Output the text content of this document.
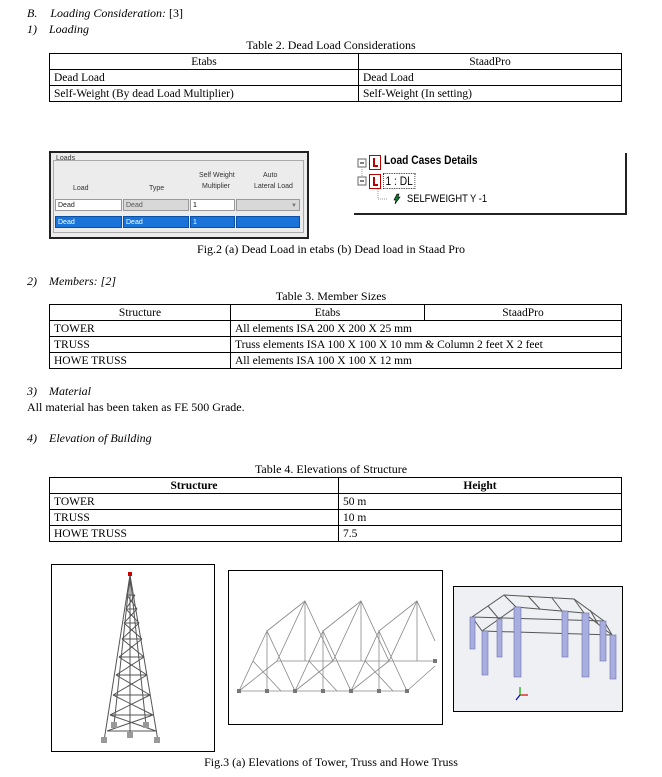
B. Loading Consideration: [3]
1) Loading
Table 2. Dead Load Considerations
Etabs	StaadPro
Dead Load	Dead Load
Self-Weight (By dead Load Multiplier)	Self-Weight (In setting)
Loads
Load	Type
Self Weight
Multiplier
Auto
Lateral Load
Dead	Dead	1	▼
Dead	Dead	1
Load Cases Details
1 : DL
SELFWEIGHT Y -1
Fig.2 (a) Dead Load in etabs (b) Dead load in Staad Pro
2) Members: [2]
Table 3. Member Sizes
Structure	Etabs	StaadPro
TOWER	All elements ISA 200 X 200 X 25 mm	
TRUSS	Truss elements ISA 100 X 100 X 10 mm & Column 2 feet X 2 feet	
HOWE TRUSS	All elements ISA 100 X 100 X 12 mm	
3) Material
All material has been taken as FE 500 Grade.
4) Elevation of Building
Table 4. Elevations of Structure
Structure	Height
TOWER	50 m
TRUSS	10 m
HOWE TRUSS	7.5
Fig.3 (a) Elevations of Tower, Truss and Howe Truss
